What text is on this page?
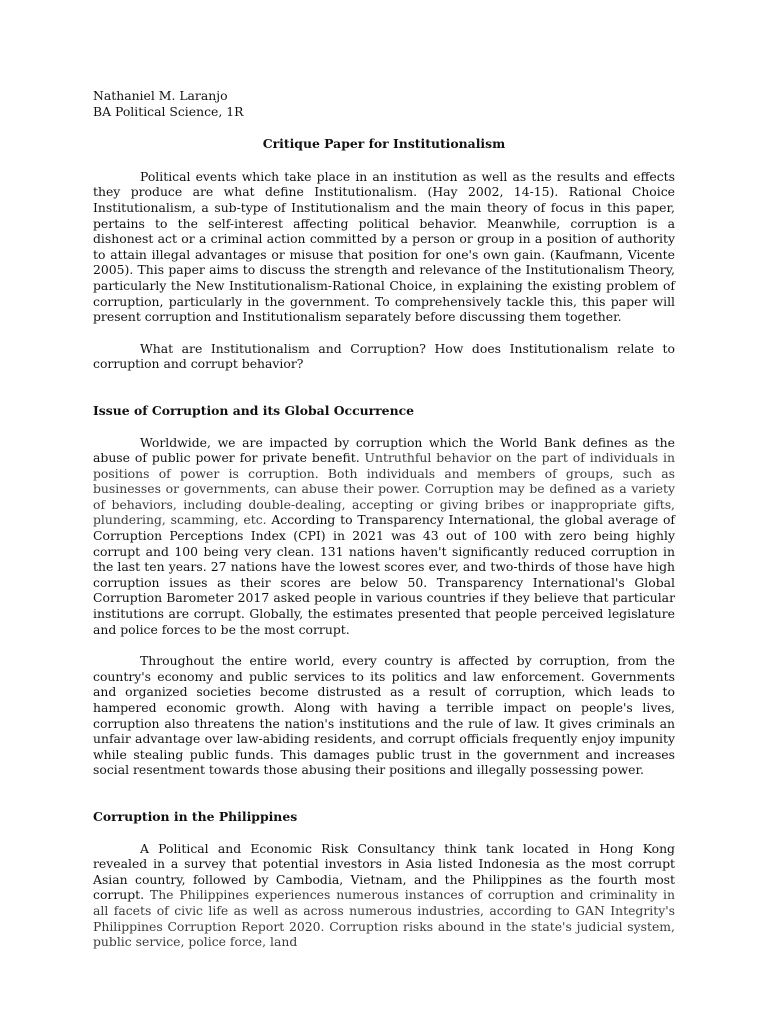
Nathaniel M. Laranjo

BA Political Science, 1R

Critique Paper for Institutionalism

Political events which take place in an institution as well as the results and effects they produce are what define Institutionalism. (Hay 2002, 14-15). Rational Choice Institutionalism, a sub-type of Institutionalism and the main theory of focus in this paper, pertains to the self-interest affecting political behavior. Meanwhile, corruption is a dishonest act or a criminal action committed by a person or group in a position of authority to attain illegal advantages or misuse that position for one's own gain. (Kaufmann, Vicente 2005). This paper aims to discuss the strength and relevance of the Institutionalism Theory, particularly the New Institutionalism-Rational Choice, in explaining the existing problem of corruption, particularly in the government. To comprehensively tackle this, this paper will present corruption and Institutionalism separately before discussing them together.

What are Institutionalism and Corruption? How does Institutionalism relate to corruption and corrupt behavior?

Issue of Corruption and its Global Occurrence

Worldwide, we are impacted by corruption which the World Bank defines as the abuse of public power for private benefit. Untruthful behavior on the part of individuals in positions of power is corruption. Both individuals and members of groups, such as businesses or governments, can abuse their power. Corruption may be defined as a variety of behaviors, including double-dealing, accepting or giving bribes or inappropriate gifts, plundering, scamming, etc. According to Transparency International, the global average of Corruption Perceptions Index (CPI) in 2021 was 43 out of 100 with zero being highly corrupt and 100 being very clean. 131 nations haven't significantly reduced corruption in the last ten years. 27 nations have the lowest scores ever, and two-thirds of those have high corruption issues as their scores are below 50. Transparency International's Global Corruption Barometer 2017 asked people in various countries if they believe that particular institutions are corrupt. Globally, the estimates presented that people perceived legislature and police forces to be the most corrupt.

Throughout the entire world, every country is affected by corruption, from the country's economy and public services to its politics and law enforcement. Governments and organized societies become distrusted as a result of corruption, which leads to hampered economic growth. Along with having a terrible impact on people's lives, corruption also threatens the nation's institutions and the rule of law. It gives criminals an unfair advantage over law-abiding residents, and corrupt officials frequently enjoy impunity while stealing public funds. This damages public trust in the government and increases social resentment towards those abusing their positions and illegally possessing power.

Corruption in the Philippines

A Political and Economic Risk Consultancy think tank located in Hong Kong revealed in a survey that potential investors in Asia listed Indonesia as the most corrupt Asian country, followed by Cambodia, Vietnam, and the Philippines as the fourth most corrupt. The Philippines experiences numerous instances of corruption and criminality in all facets of civic life as well as across numerous industries, according to GAN Integrity's Philippines Corruption Report 2020. Corruption risks abound in the state's judicial system, public service, police force, land
